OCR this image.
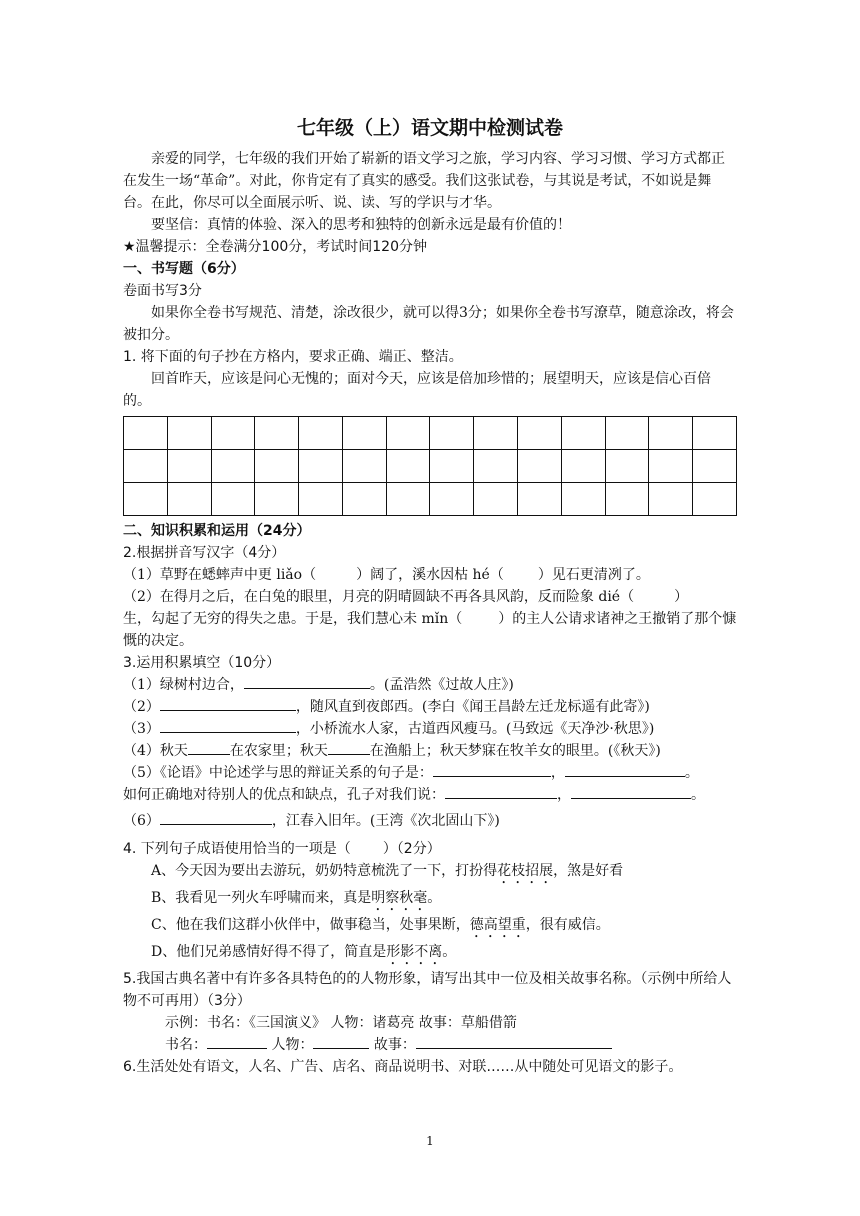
七年级（上）语文期中检测试卷

亲爱的同学，七年级的我们开始了崭新的语文学习之旅，学习内容、学习习惯、学习方式都正在发生一场“革命”。对此，你肯定有了真实的感受。我们这张试卷，与其说是考试，不如说是舞台。在此，你尽可以全面展示听、说、读、写的学识与才华。

要坚信：真情的体验、深入的思考和独特的创新永远是最有价值的！

★温馨提示：全卷满分100分，考试时间120分钟

一、书写题（6分）

卷面书写3分

如果你全卷书写规范、清楚，涂改很少，就可以得3分；如果你全卷书写潦草，随意涂改，将会被扣分。

1. 将下面的句子抄在方格内，要求正确、端正、整洁。

回首昨天，应该是问心无愧的；面对今天，应该是倍加珍惜的；展望明天，应该是信心百倍的。

二、知识积累和运用（24分）

2.根据拼音写汉字（4分）

（1）草野在蟋蟀声中更 liǎo（	）阔了，溪水因枯 hé（ ）见石更清冽了。

（2）在得月之后，在白兔的眼里，月亮的阴晴圆缺不再各具风韵，反而险象 dié（	）
生，勾起了无穷的得失之患。于是，我们慧心未 mǐn（	）的主人公请求诸神之王撤销了那个慷慨的决定。

3.运用积累填空（10分）

（1）绿树村边合，	。(孟浩然《过故人庄》)

（2）	，随风直到夜郎西。(李白《闻王昌龄左迁龙标遥有此寄》)

（3）	，小桥流水人家，古道西风瘦马。(马致远《天净沙·秋思》)

（4）秋天	在农家里；秋天	在渔船上；秋天梦寐在牧羊女的眼里。(《秋天》)

（5）《论语》中论述学与思的辩证关系的句子是：	，	。
如何正确地对待别人的优点和缺点，孔子对我们说：	，	。

（6）	，江春入旧年。(王湾《次北固山下》)

4. 下列句子成语使用恰当的一项是（ ）（2分）

A、今天因为要出去游玩，奶奶特意梳洗了一下，打扮得花枝招展，煞是好看

B、我看见一列火车呼啸而来，真是明察秋毫。

C、他在我们这群小伙伴中，做事稳当，处事果断，德高望重，很有威信。

D、他们兄弟感情好得不得了，简直是形影不离。

5.我国古典名著中有许多各具特色的的人物形象，请写出其中一位及相关故事名称。（示例中所给人物不可再用）（3分）

示例：书名：《三国演义》 人物：诸葛亮 故事：草船借箭

书名：	人物：	故事：

6.生活处处有语文，人名、广告、店名、商品说明书、对联……从中随处可见语文的影子。

1
